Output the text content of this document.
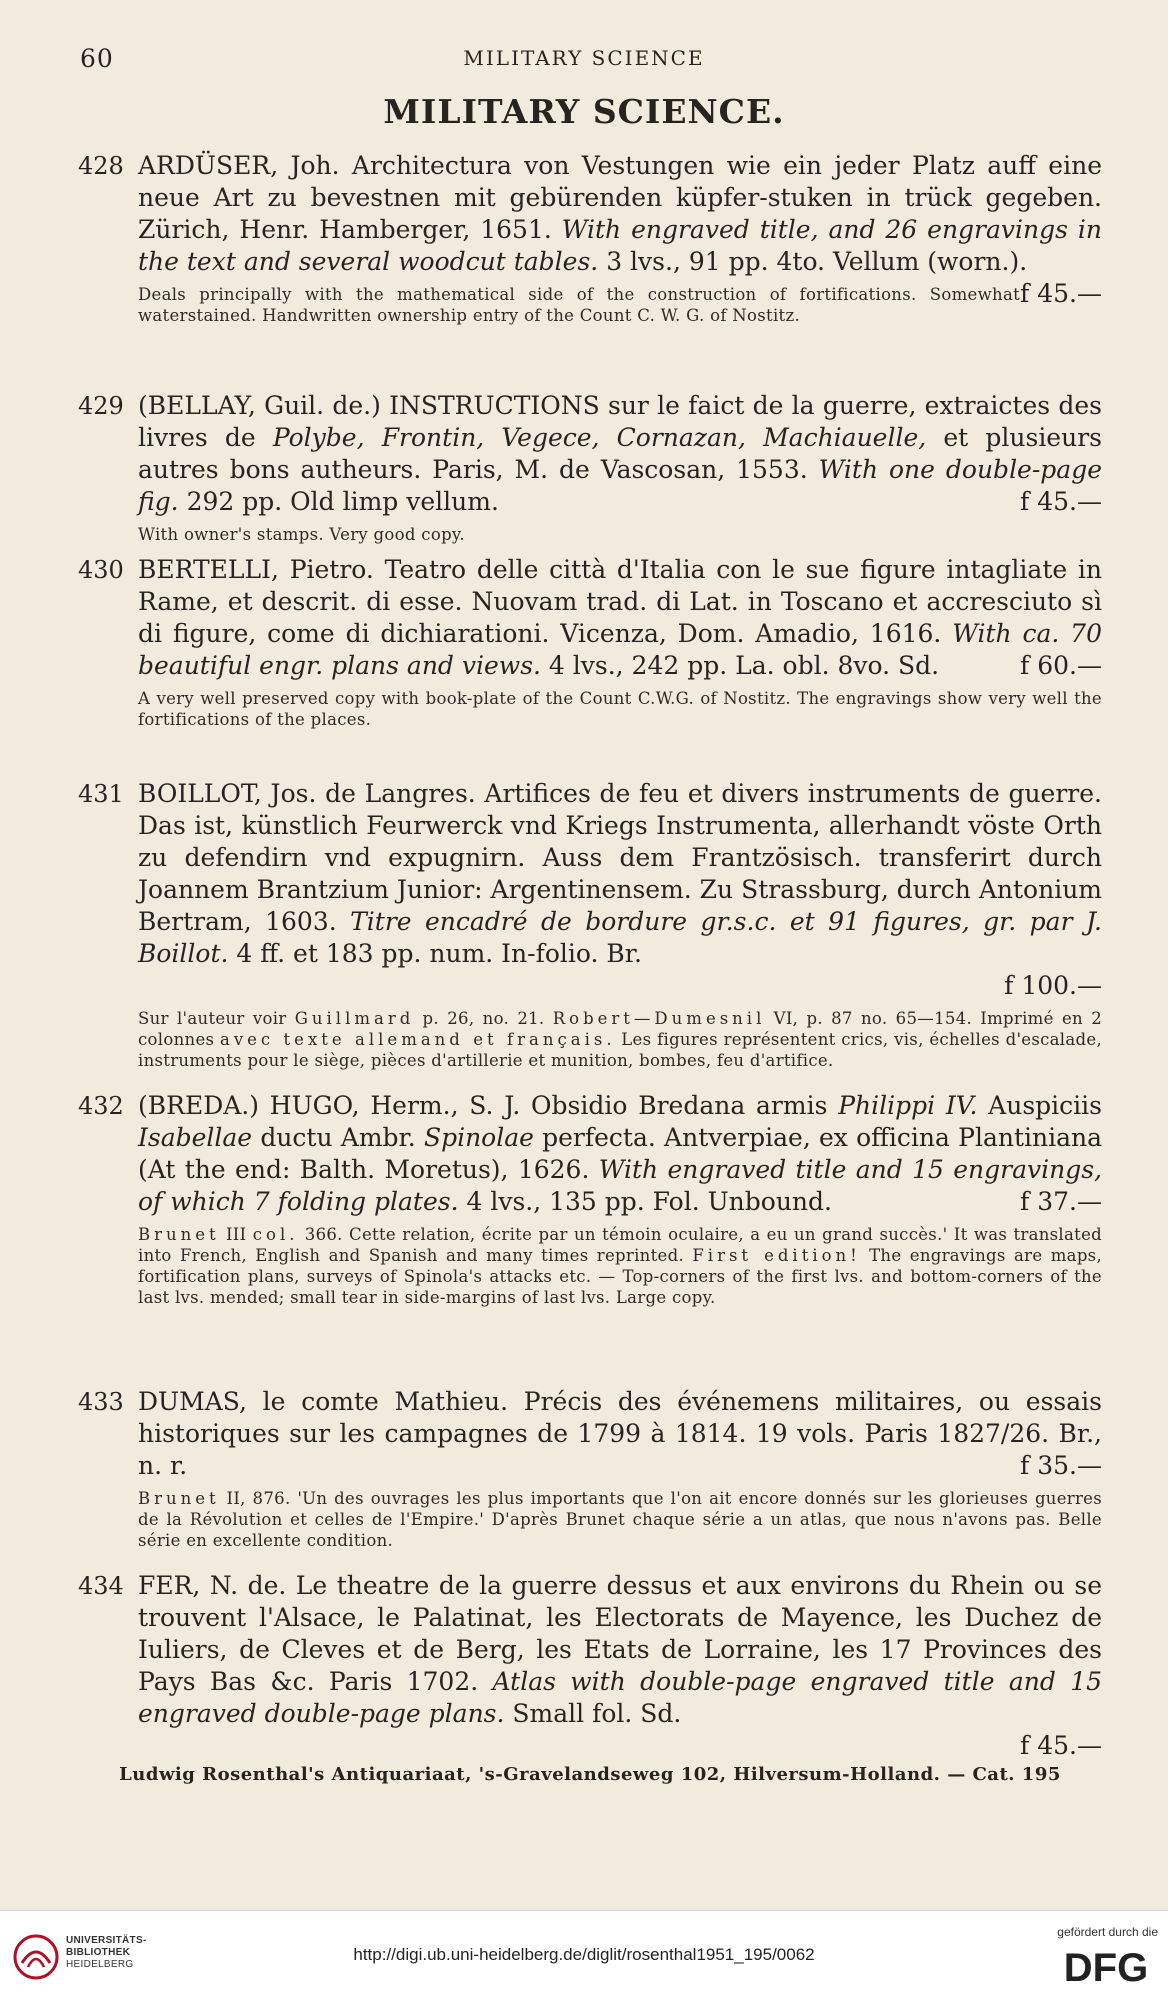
60	MILITARY SCIENCE
MILITARY SCIENCE.
428 ARDÜSER, Joh. Architectura von Vestungen wie ein jeder Platz auff eine neue Art zu bevestnen mit gebürenden küpfer-stuken in trück gegeben. Zürich, Henr. Hamberger, 1651. With engraved title, and 26 engravings in the text and several woodcut tables. 3 lvs., 91 pp. 4to. Vellum (worn.).
f 45.—
Deals principally with the mathematical side of the construction of fortifications. Somewhat waterstained. Handwritten ownership entry of the Count C. W. G. of Nostitz.
429 (BELLAY, Guil. de.) INSTRUCTIONS sur le faict de la guerre, extraictes des livres de Polybe, Frontin, Vegece, Cornazan, Machiauelle, et plusieurs autres bons autheurs. Paris, M. de Vascosan, 1553. With one double-page fig. 292 pp. Old limp vellum.	f 45.—
With owner's stamps. Very good copy.
430 BERTELLI, Pietro. Teatro delle città d'Italia con le sue figure intagliate in Rame, et descrit. di esse. Nuovam trad. di Lat. in Toscano et accresciuto sì di figure, come di dichiarationi. Vicenza, Dom. Amadio, 1616. With ca. 70 beautiful engr. plans and views. 4 lvs., 242 pp. La. obl. 8vo. Sd.	f 60.—
A very well preserved copy with book-plate of the Count C.W.G. of Nostitz. The engravings show very well the fortifications of the places.
431 BOILLOT, Jos. de Langres. Artifices de feu et divers instruments de guerre. Das ist, künstlich Feurwerck vnd Kriegs Instrumenta, allerhandt vöste Orth zu defendirn vnd expugnirn. Auss dem Frantzösisch. transferirt durch Joannem Brantzium Junior: Argentinensem. Zu Strassburg, durch Antonium Bertram, 1603. Titre encadré de bordure gr.s.c. et 91 figures, gr. par J. Boillot. 4 ff. et 183 pp. num. In-folio. Br.
f 100.—
Sur l'auteur voir Guillmard p. 26, no. 21. Robert—Dumesnil VI, p. 87 no. 65—154. Imprimé en 2 colonnes avec texte allemand et français. Les figures représentent crics, vis, échelles d'escalade, instruments pour le siège, pièces d'artillerie et munition, bombes, feu d'artifice.
432 (BREDA.) HUGO, Herm., S. J. Obsidio Bredana armis Philippi IV. Auspiciis Isabellae ductu Ambr. Spinolae perfecta. Antverpiae, ex officina Plantiniana (At the end: Balth. Moretus), 1626. With engraved title and 15 engravings, of which 7 folding plates. 4 lvs., 135 pp. Fol. Unbound.	f 37.—
Brunet III col. 366. Cette relation, écrite par un témoin oculaire, a eu un grand succès.' It was translated into French, English and Spanish and many times reprinted. First edition! The engravings are maps, fortification plans, surveys of Spinola's attacks etc. — Top-corners of the first lvs. and bottom-corners of the last lvs. mended; small tear in side-margins of last lvs. Large copy.
433 DUMAS, le comte Mathieu. Précis des événemens militaires, ou essais historiques sur les campagnes de 1799 à 1814. 19 vols. Paris 1827/26. Br., n. r.	f 35.—
Brunet II, 876. 'Un des ouvrages les plus importants que l'on ait encore donnés sur les glorieuses guerres de la Révolution et celles de l'Empire.' D'après Brunet chaque série a un atlas, que nous n'avons pas. Belle série en excellente condition.
434 FER, N. de. Le theatre de la guerre dessus et aux environs du Rhein ou se trouvent l'Alsace, le Palatinat, les Electorats de Mayence, les Duchez de Iuliers, de Cleves et de Berg, les Etats de Lorraine, les 17 Provinces des Pays Bas &c. Paris 1702. Atlas with double-page engraved title and 15 engraved double-page plans. Small fol. Sd.
f 45.—
Ludwig Rosenthal's Antiquariaat, 's-Gravelandseweg 102, Hilversum-Holland. — Cat. 195
UNIVERSITÄTS-
BIBLIOTHEK
HEIDELBERG
http://digi.ub.uni-heidelberg.de/diglit/rosenthal1951_195/0062
gefördert durch die
DFG
